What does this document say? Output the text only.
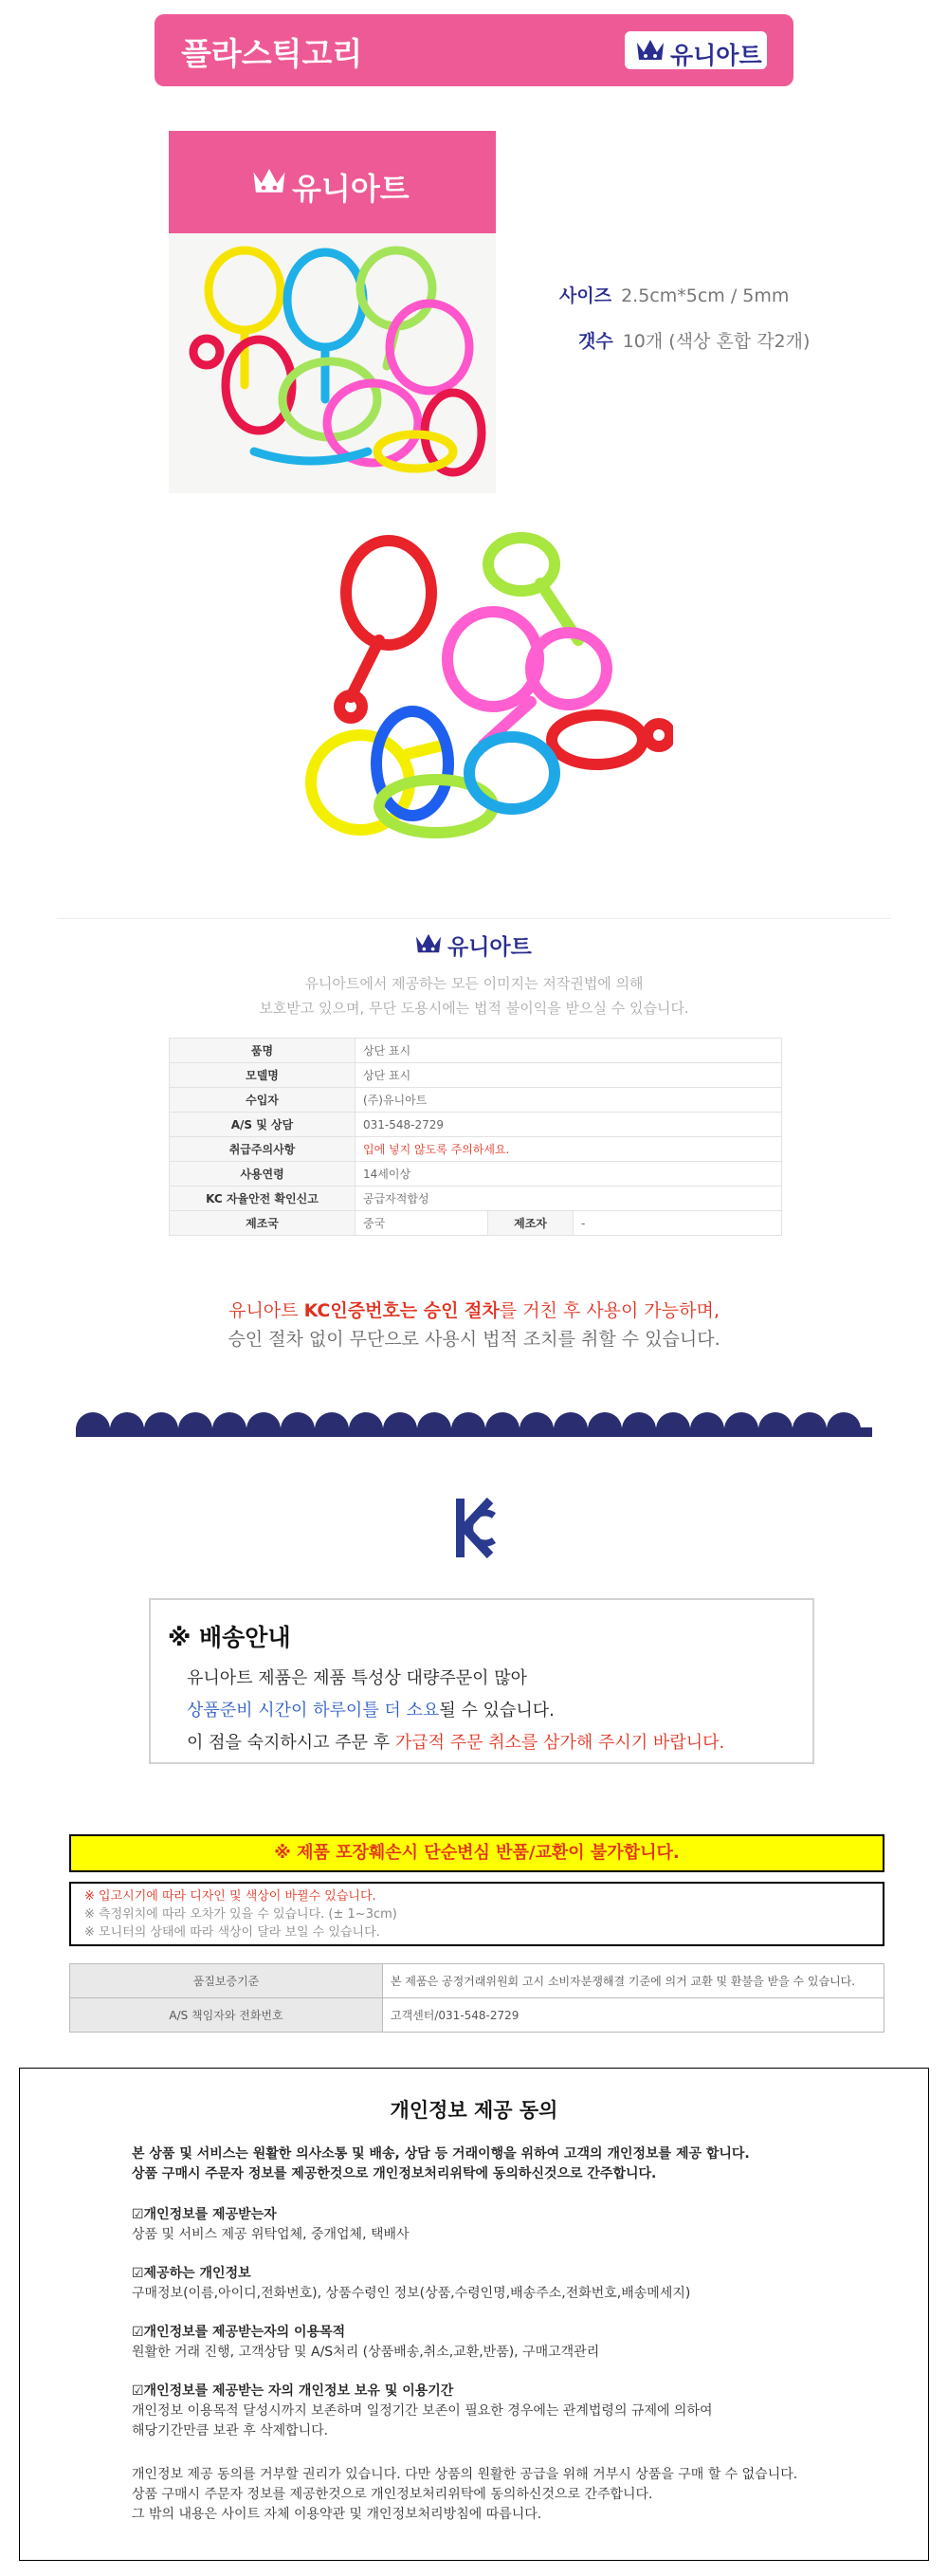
플라스틱고리	유니아트
유니아트
사이즈 2.5cm*5cm / 5mm
갯수 10개 (색상 혼합 각2개)
유니아트
유니아트에서 제공하는 모든 이미지는 저작권법에 의해
보호받고 있으며, 무단 도용시에는 법적 불이익을 받으실 수 있습니다.
품명	상단 표시		
모델명	상단 표시		
수입자	(주)유니아트		
A/S 및 상담	031-548-2729		
취급주의사항	입에 넣지 않도록 주의하세요.		
사용연령	14세이상		
KC 자율안전 확인신고	공급자적합성		
제조국	중국	제조자	-
유니아트 KC인증번호는 승인 절차를 거친 후 사용이 가능하며,
승인 절차 없이 무단으로 사용시 법적 조치를 취할 수 있습니다.
※ 배송안내
유니아트 제품은 제품 특성상 대량주문이 많아
상품준비 시간이 하루이틀 더 소요될 수 있습니다.
이 점을 숙지하시고 주문 후 가급적 주문 취소를 삼가해 주시기 바랍니다.
※ 제품 포장훼손시 단순변심 반품/교환이 불가합니다.
※ 입고시기에 따라 디자인 및 색상이 바뀔수 있습니다.
※ 측정위치에 따라 오차가 있을 수 있습니다. (± 1~3cm)
※ 모니터의 상태에 따라 색상이 달라 보일 수 있습니다.
품질보증기준	본 제품은 공정거래위원회 고시 소비자분쟁해결 기준에 의거 교환 및 환불을 받을 수 있습니다.
A/S 책임자와 전화번호	고객센터/031-548-2729
개인정보 제공 동의
본 상품 및 서비스는 원활한 의사소통 및 배송, 상담 등 거래이행을 위하여 고객의 개인정보를 제공 합니다.
상품 구매시 주문자 정보를 제공한것으로 개인정보처리위탁에 동의하신것으로 간주합니다.
☑개인정보를 제공받는자
상품 및 서비스 제공 위탁업체, 중개업체, 택배사
☑제공하는 개인정보
구매정보(이름,아이디,전화번호), 상품수령인 정보(상품,수령인명,배송주소,전화번호,배송메세지)
☑개인정보를 제공받는자의 이용목적
원활한 거래 진행, 고객상담 및 A/S처리 (상품배송,취소,교환,반품), 구매고객관리
☑개인정보를 제공받는 자의 개인정보 보유 및 이용기간
개인정보 이용목적 달성시까지 보존하며 일정기간 보존이 필요한 경우에는 관계법령의 규제에 의하여
해당기간만큼 보관 후 삭제합니다.
개인정보 제공 동의를 거부할 권리가 있습니다. 다만 상품의 원활한 공급을 위해 거부시 상품을 구매 할 수 없습니다.
상품 구매시 주문자 정보를 제공한것으로 개인정보처리위탁에 동의하신것으로 간주합니다.
그 밖의 내용은 사이트 자체 이용약관 및 개인정보처리방침에 따릅니다.
